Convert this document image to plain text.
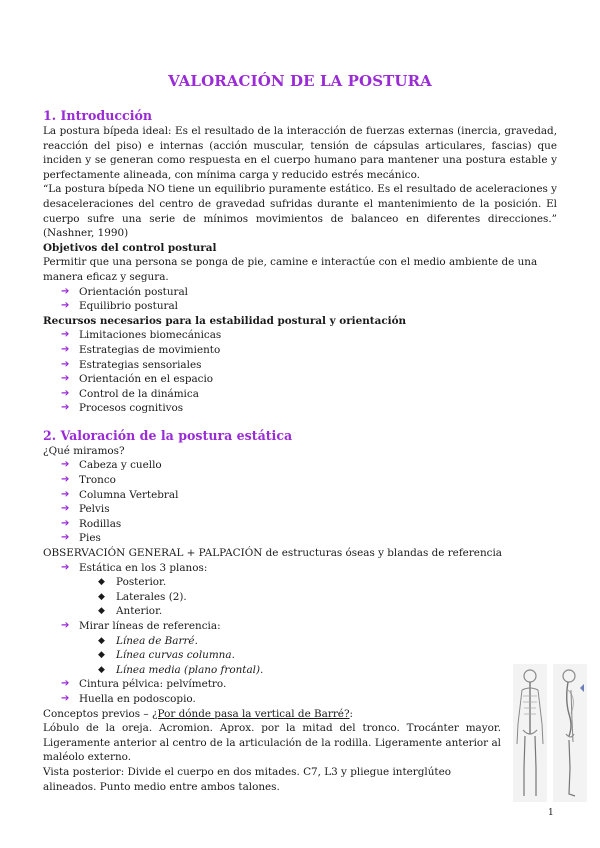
VALORACIÓN DE LA POSTURA
1. Introducción

La postura bípeda ideal: Es el resultado de la interacción de fuerzas externas (inercia, gravedad, reacción del piso) e internas (acción muscular, tensión de cápsulas articulares, fascias) que inciden y se generan como respuesta en el cuerpo humano para mantener una postura estable y perfectamente alineada, con mínima carga y reducido estrés mecánico.

“La postura bípeda NO tiene un equilibrio puramente estático. Es el resultado de aceleraciones y desaceleraciones del centro de gravedad sufridas durante el mantenimiento de la posición. El cuerpo sufre una serie de mínimos movimientos de balanceo en diferentes direcciones.” (Nashner, 1990)

Objetivos del control postural

Permitir que una persona se ponga de pie, camine e interactúe con el medio ambiente de una manera eficaz y segura.

➔ Orientación postural
➔ Equilibrio postural

Recursos necesarios para la estabilidad postural y orientación

➔ Limitaciones biomecánicas
➔ Estrategias de movimiento
➔ Estrategias sensoriales
➔ Orientación en el espacio
➔ Control de la dinámica
➔ Procesos cognitivos
2. Valoración de la postura estática

¿Qué miramos?

➔ Cabeza y cuello
➔ Tronco
➔ Columna Vertebral
➔ Pelvis
➔ Rodillas
➔ Pies

OBSERVACIÓN GENERAL + PALPACIÓN de estructuras óseas y blandas de referencia

➔ Estática en los 3 planos:
◆ Posterior.
◆ Laterales (2).
◆ Anterior.
➔ Mirar líneas de referencia:
◆ Línea de Barré.
◆ Línea curvas columna.
◆ Línea media (plano frontal).
➔ Cintura pélvica: pelvímetro.
➔ Huella en podoscopio.

Conceptos previos – ¿Por dónde pasa la vertical de Barré?:

Lóbulo de la oreja. Acromion. Aprox. por la mitad del tronco. Trocánter mayor. Ligeramente anterior al centro de la articulación de la rodilla. Ligeramente anterior al maléolo externo.

Vista posterior: Divide el cuerpo en dos mitades. C7, L3 y pliegue interglúteo alineados. Punto medio entre ambos talones.

1
